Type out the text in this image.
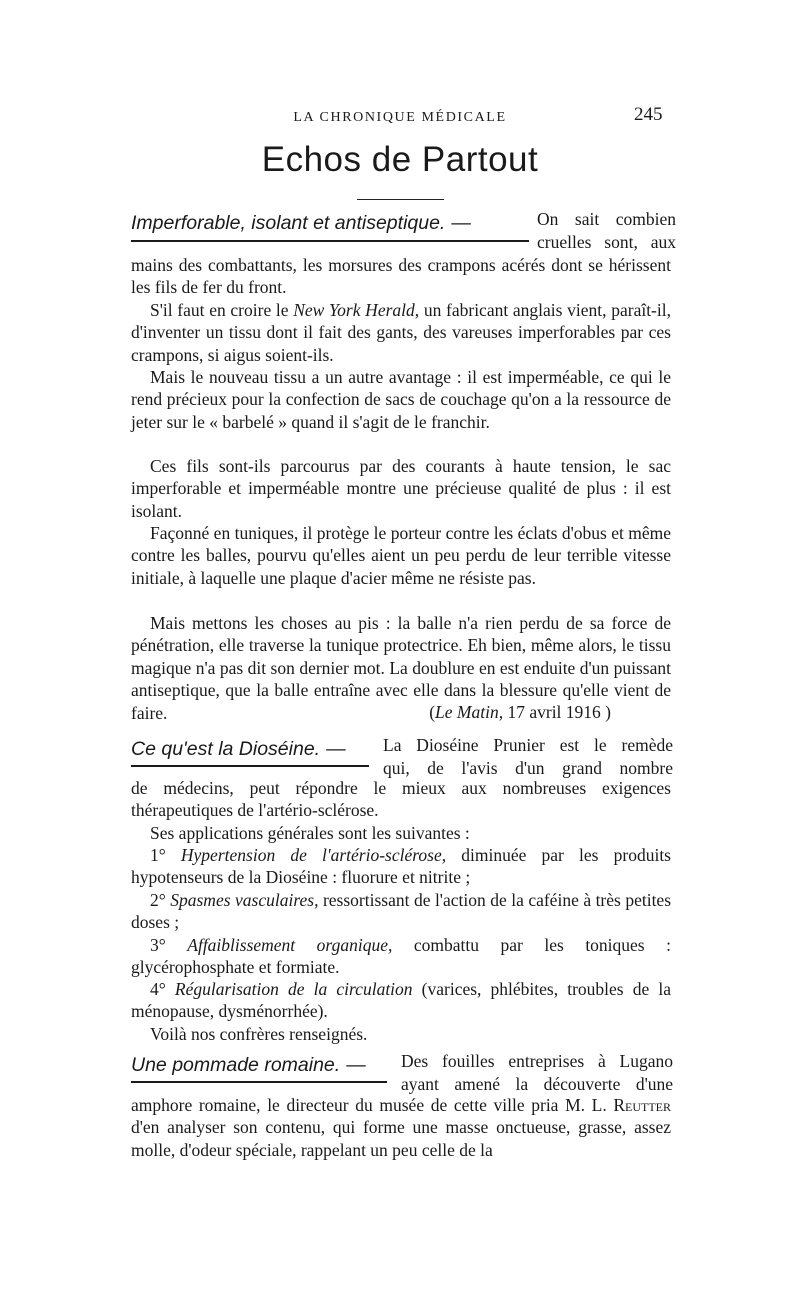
LA CHRONIQUE MÉDICALE	245
Echos de Partout
Imperforable, isolant et antiseptique. —	On sait combien
cruelles sont, aux

mains des combattants, les morsures des crampons acérés dont se hérissent les fils de fer du front.

S'il faut en croire le New York Herald, un fabricant anglais vient, paraît-il, d'inventer un tissu dont il fait des gants, des vareuses imperforables par ces crampons, si aigus soient-ils.

Mais le nouveau tissu a un autre avantage : il est imperméable, ce qui le rend précieux pour la confection de sacs de couchage qu'on a la ressource de jeter sur le « barbelé » quand il s'agit de le franchir.

Ces fils sont-ils parcourus par des courants à haute tension, le sac imperforable et imperméable montre une précieuse qualité de plus : il est isolant.

Façonné en tuniques, il protège le porteur contre les éclats d'obus et même contre les balles, pourvu qu'elles aient un peu perdu de leur terrible vitesse initiale, à laquelle une plaque d'acier même ne résiste pas.

Mais mettons les choses au pis : la balle n'a rien perdu de sa force de pénétration, elle traverse la tunique protectrice. Eh bien, même alors, le tissu magique n'a pas dit son dernier mot. La doublure en est enduite d'un puissant antiseptique, que la balle entraîne avec elle dans la blessure qu'elle vient de faire.	(Le Matin, 17 avril 1916 )
Ce qu'est la Dioséine. — La Dioséine Prunier est le remède
qui, de l'avis d'un grand nombre

de médecins, peut répondre le mieux aux nombreuses exigences thérapeutiques de l'artério-sclérose.

Ses applications générales sont les suivantes :

1° Hypertension de l'artério-sclérose, diminuée par les produits hypotenseurs de la Dioséine : fluorure et nitrite ;

2° Spasmes vasculaires, ressortissant de l'action de la caféine à très petites doses ;

3° Affaiblissement organique, combattu par les toniques : glycérophosphate et formiate.

4° Régularisation de la circulation (varices, phlébites, troubles de la ménopause, dysménorrhée).

Voilà nos confrères renseignés.

Une pommade romaine. — Des fouilles entreprises à Lugano
ayant amené la découverte d'une

amphore romaine, le directeur du musée de cette ville pria M. L. Reutter d'en analyser son contenu, qui forme une masse onctueuse, grasse, assez molle, d'odeur spéciale, rappelant un peu celle de la
